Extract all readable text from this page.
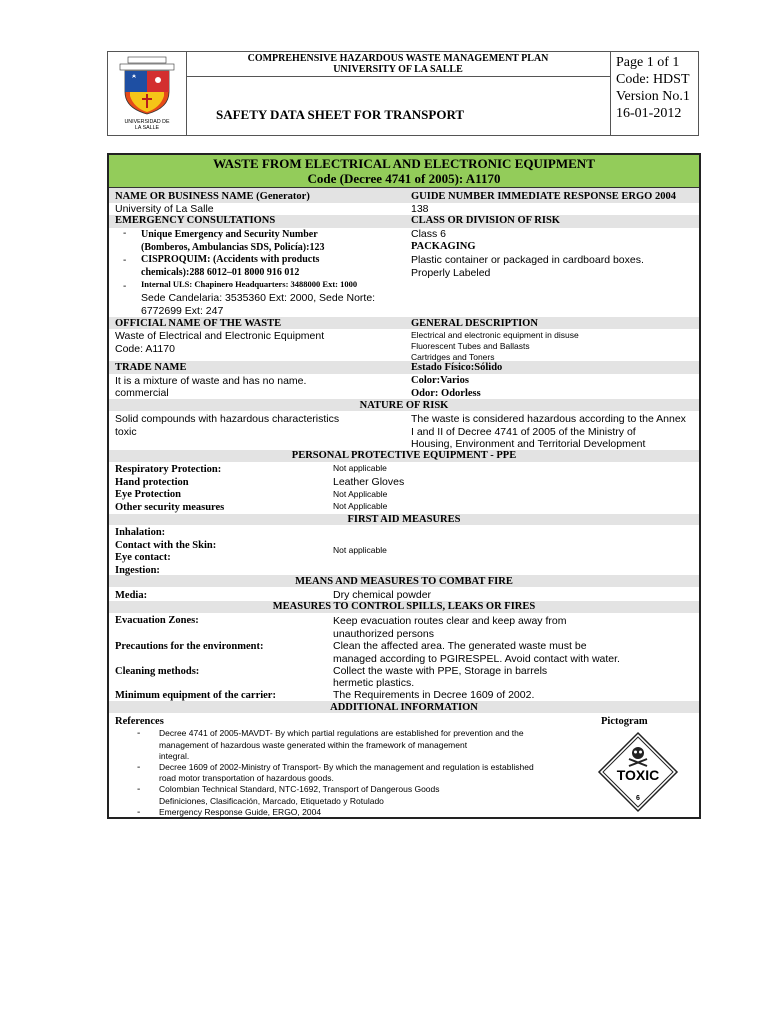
UNIVERSIDAD DE
LA SALLE
COMPREHENSIVE HAZARDOUS WASTE MANAGEMENT PLAN
UNIVERSITY OF LA SALLE
SAFETY DATA SHEET FOR TRANSPORT
Page 1 of 1
Code: HDST
Version No.1
16-01-2012
WASTE FROM ELECTRICAL AND ELECTRONIC EQUIPMENT
Code (Decree 4741 of 2005): A1170
NAME OR BUSINESS NAME (Generator)	GUIDE NUMBER IMMEDIATE RESPONSE ERGO 2004
University of La Salle	138
EMERGENCY CONSULTATIONS	CLASS OR DIVISION OF RISK
- Unique Emergency and Security Number	Class 6
(Bomberos, Ambulancias SDS, Policía):123	PACKAGING
- CISPROQUIM: (Accidents with products	Plastic container or packaged in cardboard boxes.
chemicals):288 6012–01 8000 916 012	Properly Labeled
- Internal ULS: Chapinero Headquarters: 3488000 Ext: 1000
Sede Candelaria: 3535360 Ext: 2000, Sede Norte:
6772699 Ext: 247
OFFICIAL NAME OF THE WASTE	GENERAL DESCRIPTION
Waste of Electrical and Electronic Equipment	Electrical and electronic equipment in disuse
Fluorescent Tubes and Ballasts
Code: A1170
Cartridges and Toners
TRADE NAME	Estado Físico:Sólido
It is a mixture of waste and has no name.	Color:Varios
commercial	Odor: Odorless
NATURE OF RISK
Solid compounds with hazardous characteristics	The waste is considered hazardous according to the Annex
toxic	I and II of Decree 4741 of 2005 of the Ministry of
Housing, Environment and Territorial Development
PERSONAL PROTECTIVE EQUIPMENT - PPE
Respiratory Protection:	Not applicable
Hand protection	Leather Gloves
Eye Protection	Not Applicable
Other security measures	Not Applicable
FIRST AID MEASURES
Inhalation:
Contact with the Skin:	Not applicable
Eye contact:
Ingestion:
MEANS AND MEASURES TO COMBAT FIRE
Media:	Dry chemical powder
MEASURES TO CONTROL SPILLS, LEAKS OR FIRES
Evacuation Zones:	Keep evacuation routes clear and keep away from
unauthorized persons
Precautions for the environment:	Clean the affected area. The generated waste must be
managed according to PGIRESPEL. Avoid contact with water.
Cleaning methods:	Collect the waste with PPE, Storage in barrels
hermetic plastics.
Minimum equipment of the carrier:	The Requirements in Decree 1609 of 2002.
ADDITIONAL INFORMATION
References	Pictogram
- Decree 4741 of 2005-MAVDT- By which partial regulations are established for prevention and the
management of hazardous waste generated within the framework of management
integral.
- Decree 1609 of 2002-Ministry of Transport- By which the management and regulation is established
road motor transportation of hazardous goods.
- Colombian Technical Standard, NTC-1692, Transport of Dangerous Goods
Definiciones, Clasificación, Marcado, Etiquetado y Rotulado
- Emergency Response Guide, ERGO, 2004
TOXIC
6
